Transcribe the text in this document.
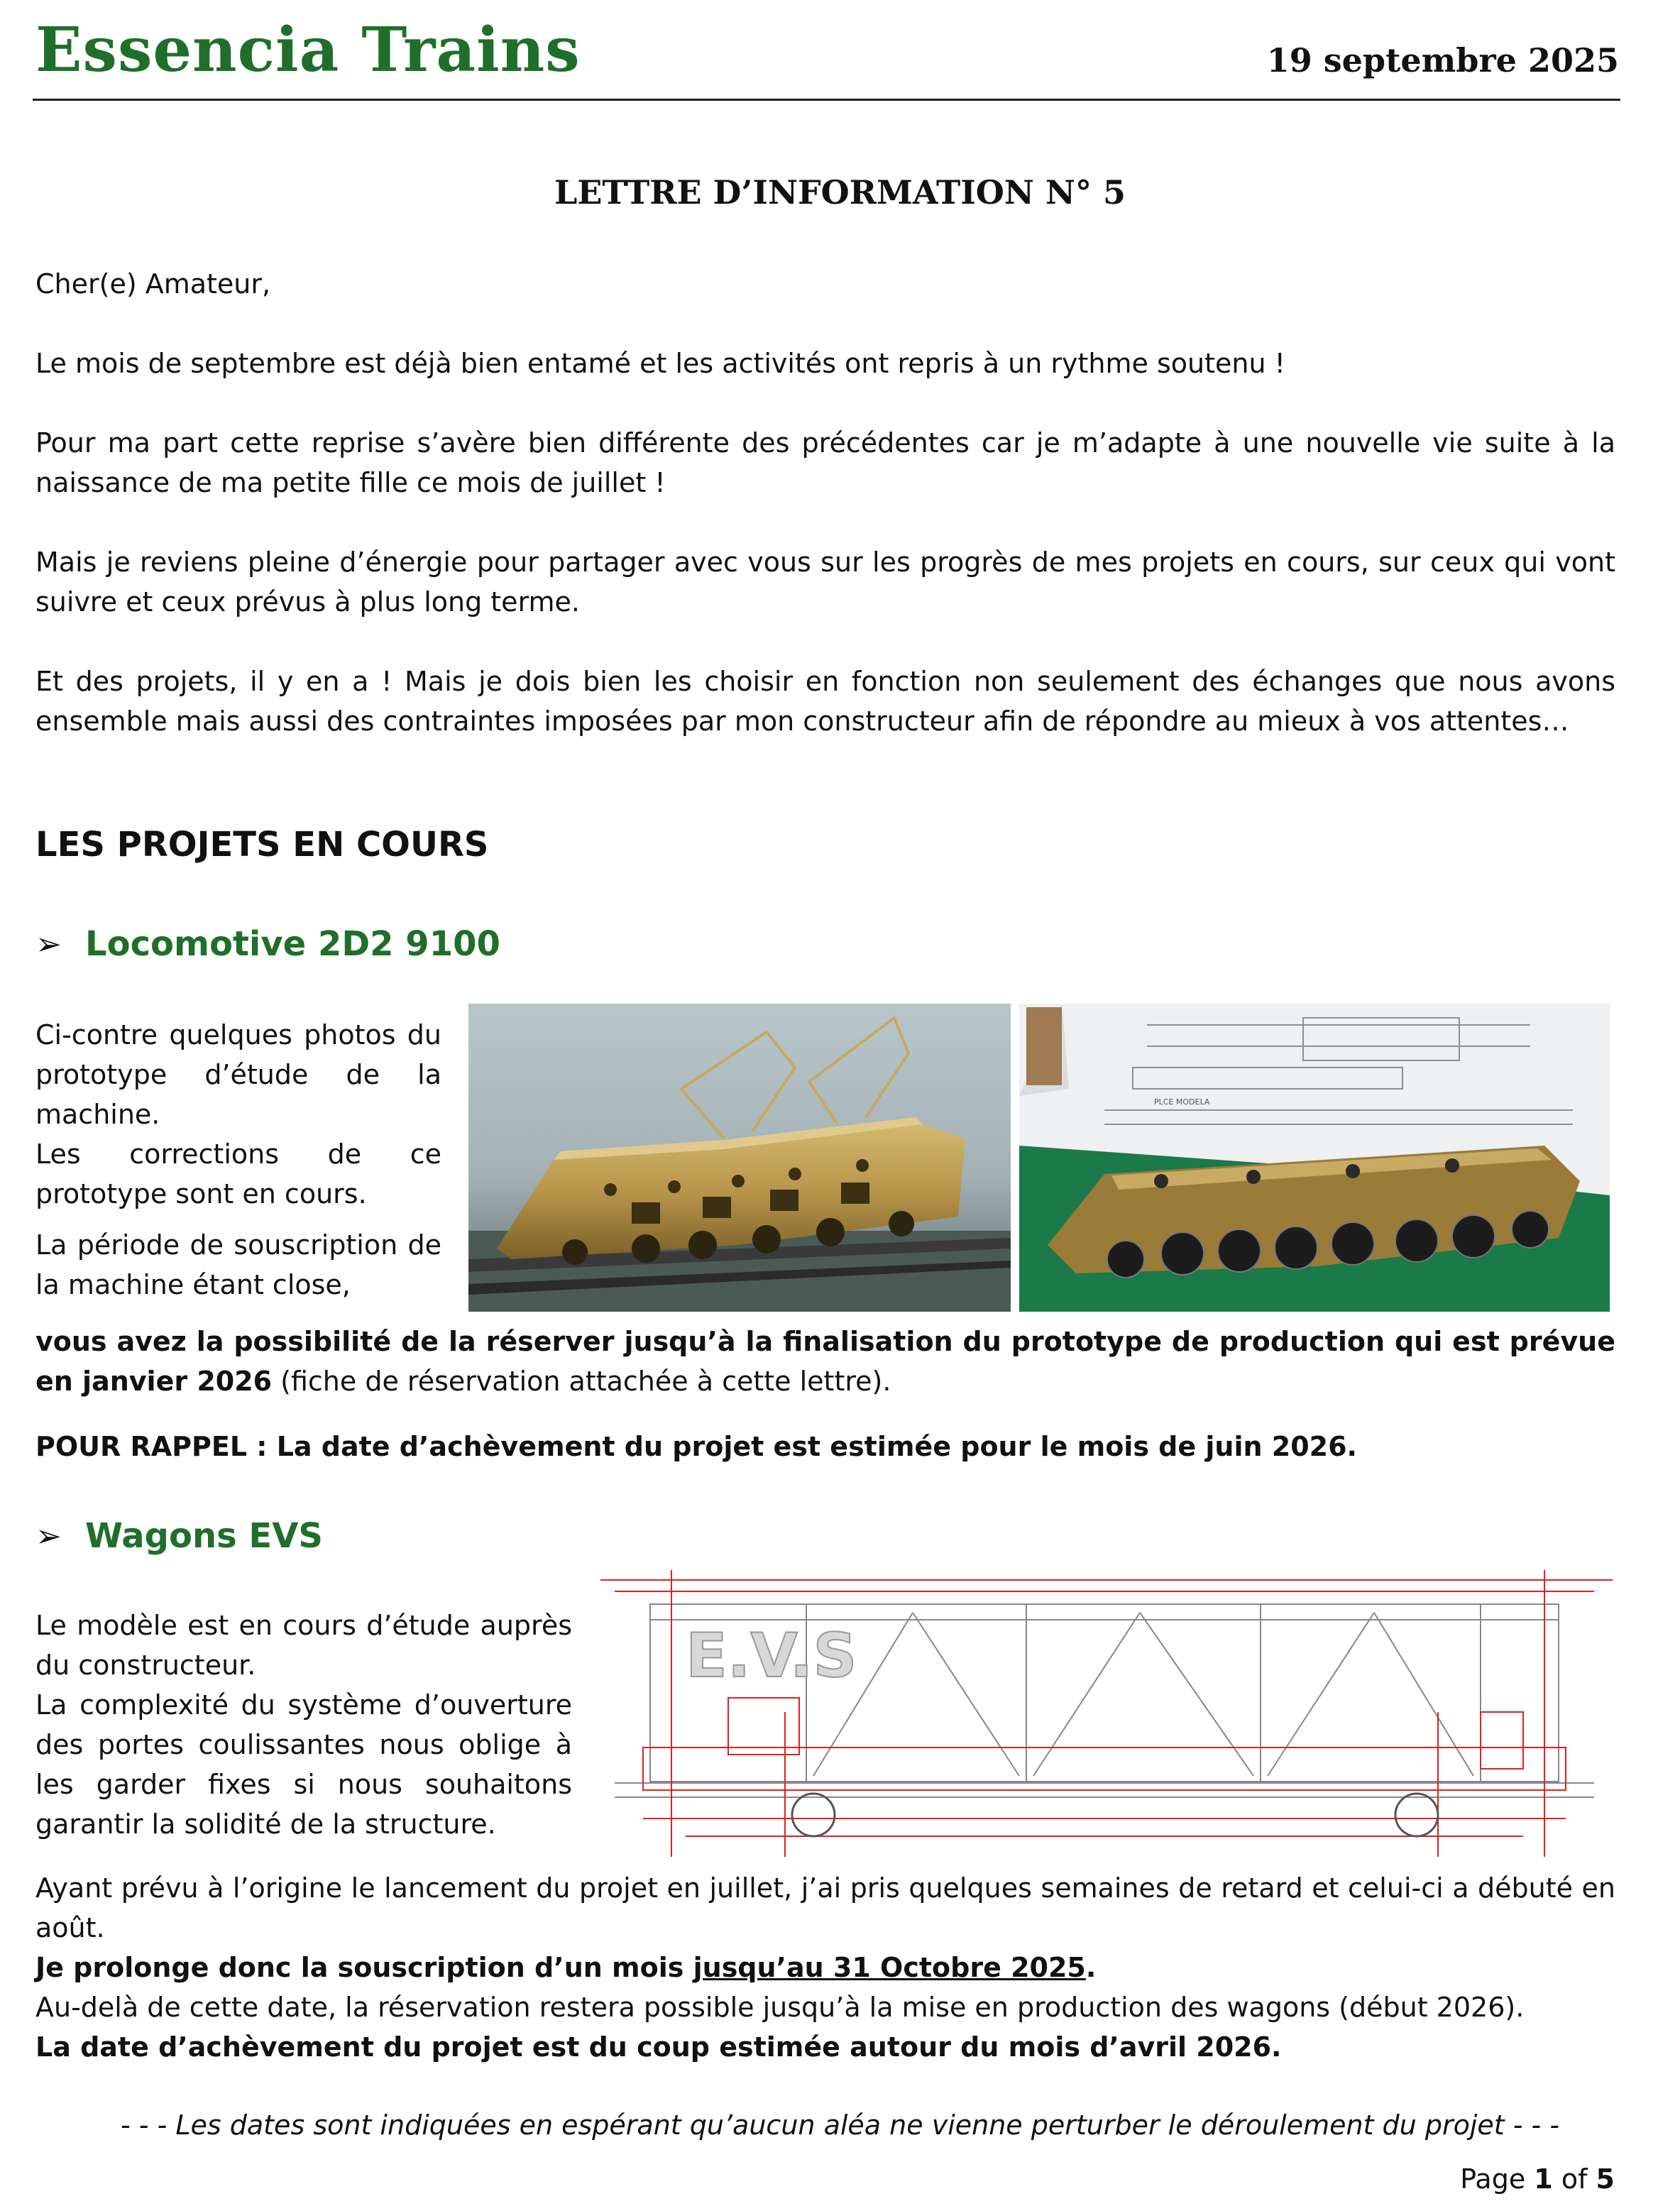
Essencia Trains	19 septembre 2025
LETTRE D’INFORMATION N° 5
Cher(e) Amateur,
Le mois de septembre est déjà bien entamé et les activités ont repris à un rythme soutenu !
Pour ma part cette reprise s’avère bien différente des précédentes car je m’adapte à une nouvelle vie suite à la naissance de ma petite fille ce mois de juillet !
Mais je reviens pleine d’énergie pour partager avec vous sur les progrès de mes projets en cours, sur ceux qui vont suivre et ceux prévus à plus long terme.
Et des projets, il y en a ! Mais je dois bien les choisir en fonction non seulement des échanges que nous avons ensemble mais aussi des contraintes imposées par mon constructeur afin de répondre au mieux à vos attentes…
LES PROJETS EN COURS
➢ Locomotive 2D2 9100

Ci-contre quelques photos du prototype d’étude de la machine.

Les corrections de ce prototype sont en cours.

La période de souscription de la machine étant close,

PLCE MODELA
vous avez la possibilité de la réserver jusqu’à la finalisation du prototype de production qui est prévue en janvier 2026 (fiche de réservation attachée à cette lettre).
POUR RAPPEL : La date d’achèvement du projet est estimée pour le mois de juin 2026.
➢ Wagons EVS

Le modèle est en cours d’étude auprès du constructeur.

La complexité du système d’ouverture des portes coulissantes nous oblige à les garder fixes si nous souhaitons garantir la solidité de la structure.

E.V.S
Ayant prévu à l’origine le lancement du projet en juillet, j’ai pris quelques semaines de retard et celui-ci a débuté en août.
Je prolonge donc la souscription d’un mois jusqu’au 31 Octobre 2025.
Au-delà de cette date, la réservation restera possible jusqu’à la mise en production des wagons (début 2026).
La date d’achèvement du projet est du coup estimée autour du mois d’avril 2026.
- - - Les dates sont indiquées en espérant qu’aucun aléa ne vienne perturber le déroulement du projet - - -
Page 1 of 5
